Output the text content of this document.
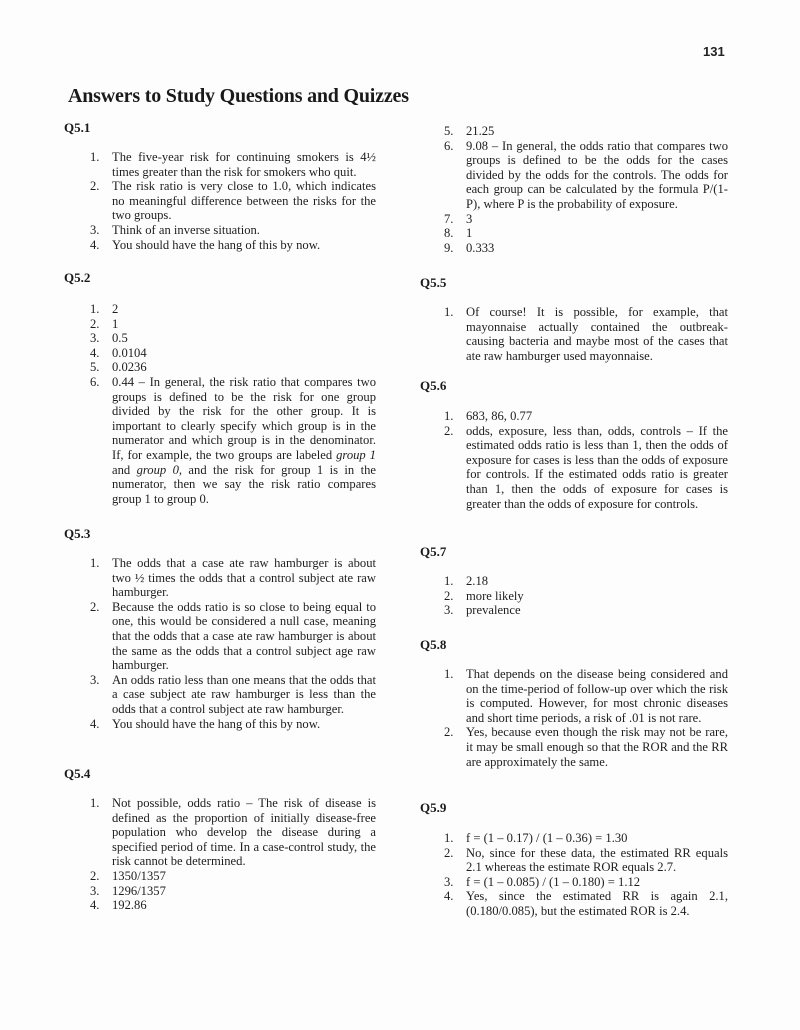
131
Answers to Study Questions and Quizzes
Q5.1
1. The five-year risk for continuing smokers is 4½ times greater than the risk for smokers who quit.
2. The risk ratio is very close to 1.0, which indicates no meaningful difference between the risks for the two groups.
3. Think of an inverse situation.
4. You should have the hang of this by now.
Q5.2
1. 2
2. 1
3. 0.5
4. 0.0104
5. 0.0236
6. 0.44 – In general, the risk ratio that compares two groups is defined to be the risk for one group divided by the risk for the other group. It is important to clearly specify which group is in the numerator and which group is in the denominator. If, for example, the two groups are labeled group 1 and group 0, and the risk for group 1 is in the numerator, then we say the risk ratio compares group 1 to group 0.
Q5.3
1. The odds that a case ate raw hamburger is about two ½ times the odds that a control subject ate raw hamburger.
2. Because the odds ratio is so close to being equal to one, this would be considered a null case, meaning that the odds that a case ate raw hamburger is about the same as the odds that a control subject age raw hamburger.
3. An odds ratio less than one means that the odds that a case subject ate raw hamburger is less than the odds that a control subject ate raw hamburger.
4. You should have the hang of this by now.
Q5.4
1. Not possible, odds ratio – The risk of disease is defined as the proportion of initially disease-free population who develop the disease during a specified period of time. In a case-control study, the risk cannot be determined.
2. 1350/1357
3. 1296/1357
4. 192.86
5. 21.25
6. 9.08 – In general, the odds ratio that compares two groups is defined to be the odds for the cases divided by the odds for the controls. The odds for each group can be calculated by the formula P/(1-P), where P is the probability of exposure.
7. 3
8. 1
9. 0.333
Q5.5
1. Of course! It is possible, for example, that mayonnaise actually contained the outbreak-causing bacteria and maybe most of the cases that ate raw hamburger used mayonnaise.
Q5.6
1. 683, 86, 0.77
2. odds, exposure, less than, odds, controls – If the estimated odds ratio is less than 1, then the odds of exposure for cases is less than the odds of exposure for controls. If the estimated odds ratio is greater than 1, then the odds of exposure for cases is greater than the odds of exposure for controls.
Q5.7
1. 2.18
2. more likely
3. prevalence
Q5.8
1. That depends on the disease being considered and on the time-period of follow-up over which the risk is computed. However, for most chronic diseases and short time periods, a risk of .01 is not rare.
2. Yes, because even though the risk may not be rare, it may be small enough so that the ROR and the RR are approximately the same.
Q5.9
1. f = (1 – 0.17) / (1 – 0.36) = 1.30
2. No, since for these data, the estimated RR equals 2.1 whereas the estimate ROR equals 2.7.
3. f = (1 – 0.085) / (1 – 0.180) = 1.12
4. Yes, since the estimated RR is again 2.1, (0.180/0.085), but the estimated ROR is 2.4.
